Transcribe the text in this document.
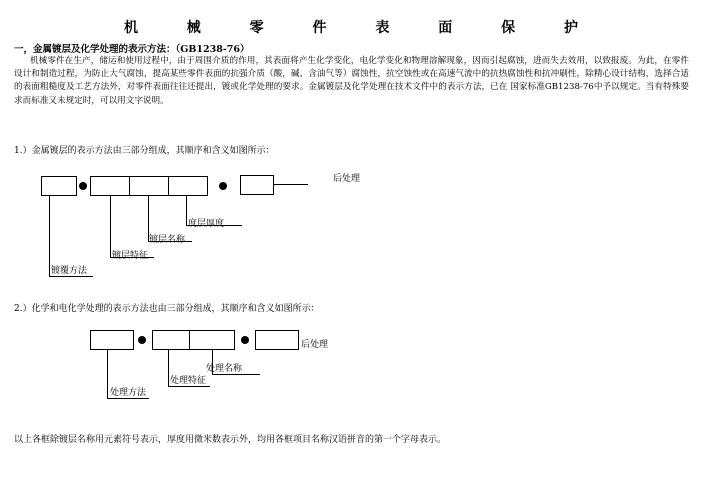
机 械 零 件 表 面 保 护
一，金属镀层及化学处理的表示方法：（GB1238-76）
机械零件在生产，储运和使用过程中，由于周围介质的作用，其表面将产生化学变化，电化学变化和物理溶解现象，因而引起腐蚀，进而失去效用，以致报废。为此，在零件设计和制造过程，为防止大气腐蚀，提高某些零件表面的抗强介质（酸，碱，含油气等）腐蚀性，抗空蚀性或在高速气流中的抗热腐蚀性和抗冲刷性，除精心设计结构，选择合适的表面粗糙度及工艺方法外，对零件表面往往还提出，镀或化学处理的要求。金属镀层及化学处理在技术文件中的表示方法，已在 国家标准GB1238-76中予以规定。当有特殊要求而标准又未规定时，可以用文字说明。
1.）金属镀层的表示方法由三部分组成，其顺序和含义如图所示：
后处理
度层厚度
镀层名称
镀层特征
镀覆方法
2.）化学和电化学处理的表示方法也由三部分组成，其顺序和含义如图所示：
后处理
处理名称
处理特征
处理方法
以上各框除镀层名称用元素符号表示，厚度用微米数表示外，均用各框项目名称汉语拼音的第一个字母表示。
